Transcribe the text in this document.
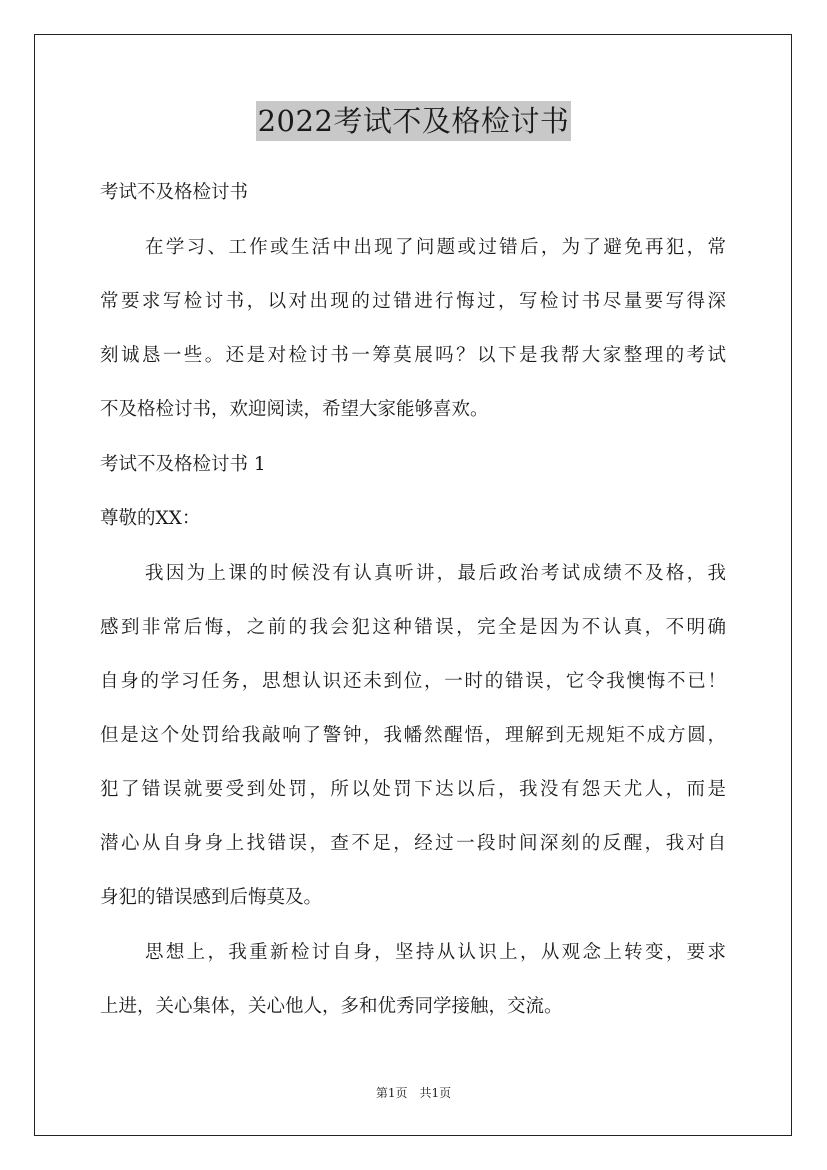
2022考试不及格检讨书
考试不及格检讨书
在学习、工作或生活中出现了问题或过错后，为了避免再犯，常
常要求写检讨书，以对出现的过错进行悔过，写检讨书尽量要写得深
刻诚恳一些。还是对检讨书一筹莫展吗？以下是我帮大家整理的考试
不及格检讨书，欢迎阅读，希望大家能够喜欢。
考试不及格检讨书 1
尊敬的XX：
我因为上课的时候没有认真听讲，最后政治考试成绩不及格，我
感到非常后悔，之前的我会犯这种错误，完全是因为不认真，不明确
自身的学习任务，思想认识还未到位，一时的错误，它令我懊悔不已！
但是这个处罚给我敲响了警钟，我幡然醒悟，理解到无规矩不成方圆，
犯了错误就要受到处罚，所以处罚下达以后，我没有怨天尤人，而是
潜心从自身身上找错误，查不足，经过一段时间深刻的反醒，我对自
身犯的错误感到后悔莫及。
思想上，我重新检讨自身，坚持从认识上，从观念上转变，要求
上进，关心集体，关心他人，多和优秀同学接触，交流。
第1页　共1页
